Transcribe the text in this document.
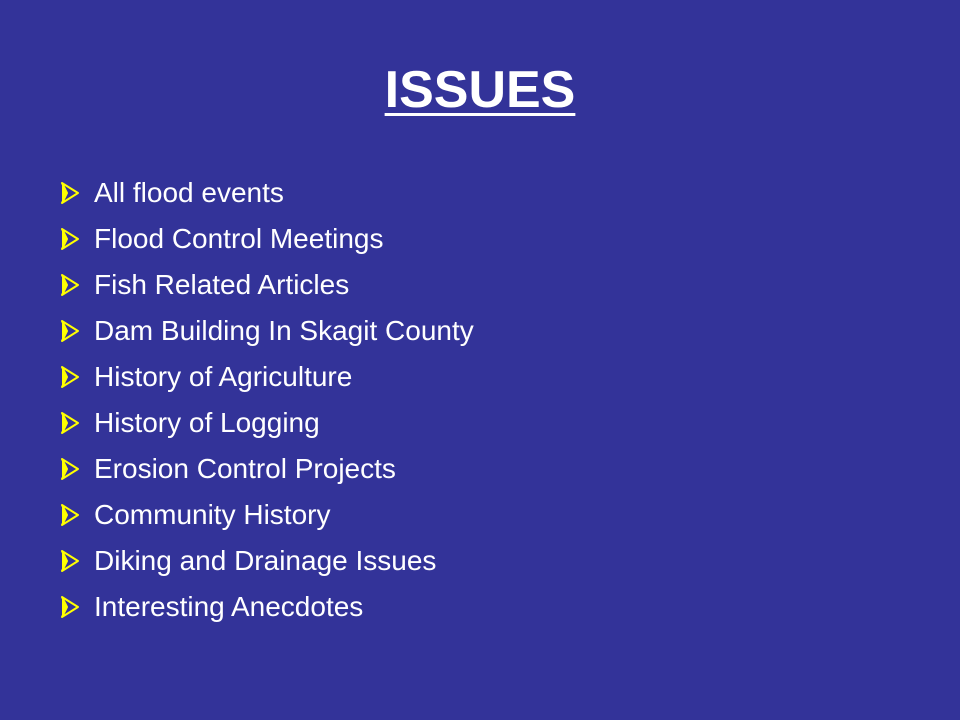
ISSUES
All flood events
Flood Control Meetings
Fish Related Articles
Dam Building In Skagit County
History of Agriculture
History of Logging
Erosion Control Projects
Community History
Diking and Drainage Issues
Interesting Anecdotes
